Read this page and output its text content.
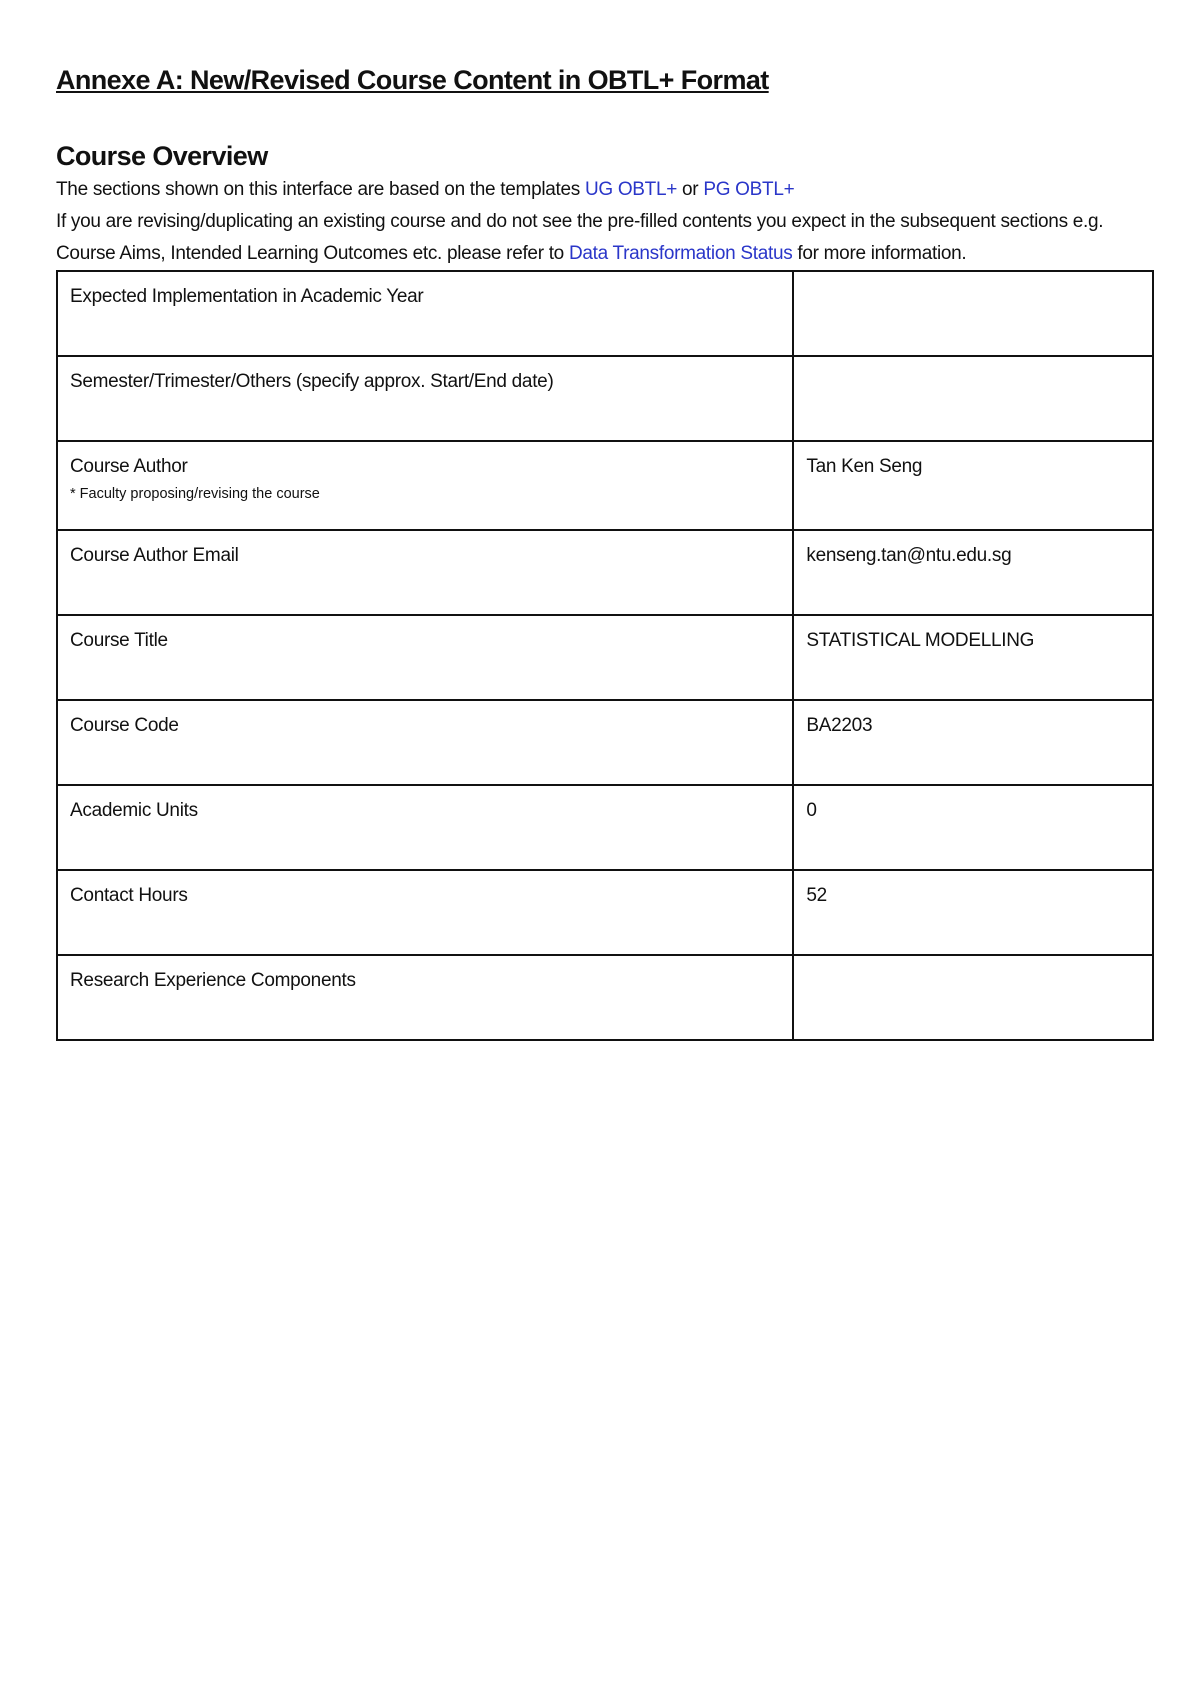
Annexe A: New/Revised Course Content in OBTL+ Format
Course Overview

The sections shown on this interface are based on the templates UG OBTL+ or PG OBTL+

If you are revising/duplicating an existing course and do not see the pre-filled contents you expect in the subsequent sections e.g. Course Aims, Intended Learning Outcomes etc. please refer to Data Transformation Status for more information.

Expected Implementation in Academic Year	

Semester/Trimester/Others (specify approx. Start/End date)	

Course Author
* Faculty proposing/revising the course	Tan Ken Seng

Course Author Email	kenseng.tan@ntu.edu.sg

Course Title	STATISTICAL MODELLING

Course Code	BA2203

Academic Units	0

Contact Hours	52

Research Experience Components	
